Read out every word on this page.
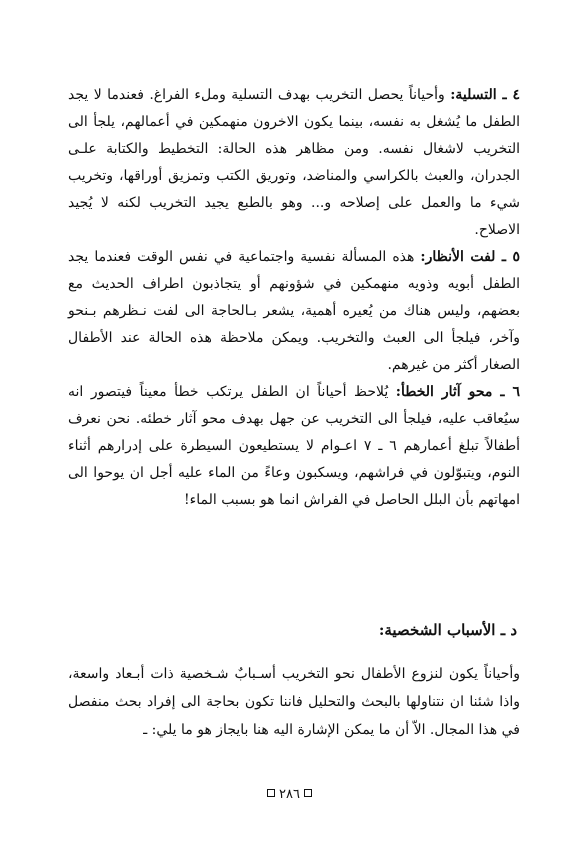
٤ ـ التسلية: وأحياناً يحصل التخريب بهدف التسلية وملء الفراغ. فعندما لا يجد الطفل ما يُشغل به نفسه، بينما يكون الاخرون منهمكين في أعمالهم، يلجأ الى التخريب لاشغال نفسه. ومن مظاهر هذه الحالة: التخطيط والكتابة علـى الجدران، والعبث بالكراسي والمناضد، وتوريق الكتب وتمزيق أوراقها، وتخريب شيء ما والعمل على إصلاحه و... وهو بالطبع يجيد التخريب لكنه لا يُجيد الاصلاح.

٥ ـ لفت الأنظار: هذه المسألة نفسية واجتماعية في نفس الوقت فعندما يجد الطفل أبويه وذويه منهمكين في شؤونهم أو يتجاذبون اطراف الحديث مع بعضهم، وليس هناك من يُعيره أهمية، يشعر بـالحاجة الى لفت نـظرهم بـنحو وآخر، فيلجأ الى العبث والتخريب. ويمكن ملاحظة هذه الحالة عند الأطفال الصغار أكثر من غيرهم.

٦ ـ محو آثار الخطأ: يُلاحظ أحياناً ان الطفل يرتكب خطأ معيناً فيتصور انه سيُعاقب عليه، فيلجأ الى التخريب عن جهل بهدف محو آثار خطئه. نحن نعرف أطفالاً تبلغ أعمارهم ٦ ـ ٧ اعـوام لا يستطيعون السيطرة على إدرارهم أثناء النوم، ويتبوّلون في فراشهم، ويسكبون وعاءً من الماء عليه أجل ان يوحوا الى امهاتهم بأن البلل الحاصل في الفراش انما هو بسبب الماء!

د ـ الأسباب الشخصية:

وأحياناً يكون لنزوع الأطفال نحو التخريب أسـبابٌ شـخصية ذات أبـعاد واسعة، واذا شئنا ان نتناولها بالبحث والتحليل فاننا تكون بحاجة الى إفراد بحث منفصل في هذا المجال. الاّ أن ما يمكن الإشارة اليه هنا بايجاز هو ما يلي: ـ

٢٨٦
